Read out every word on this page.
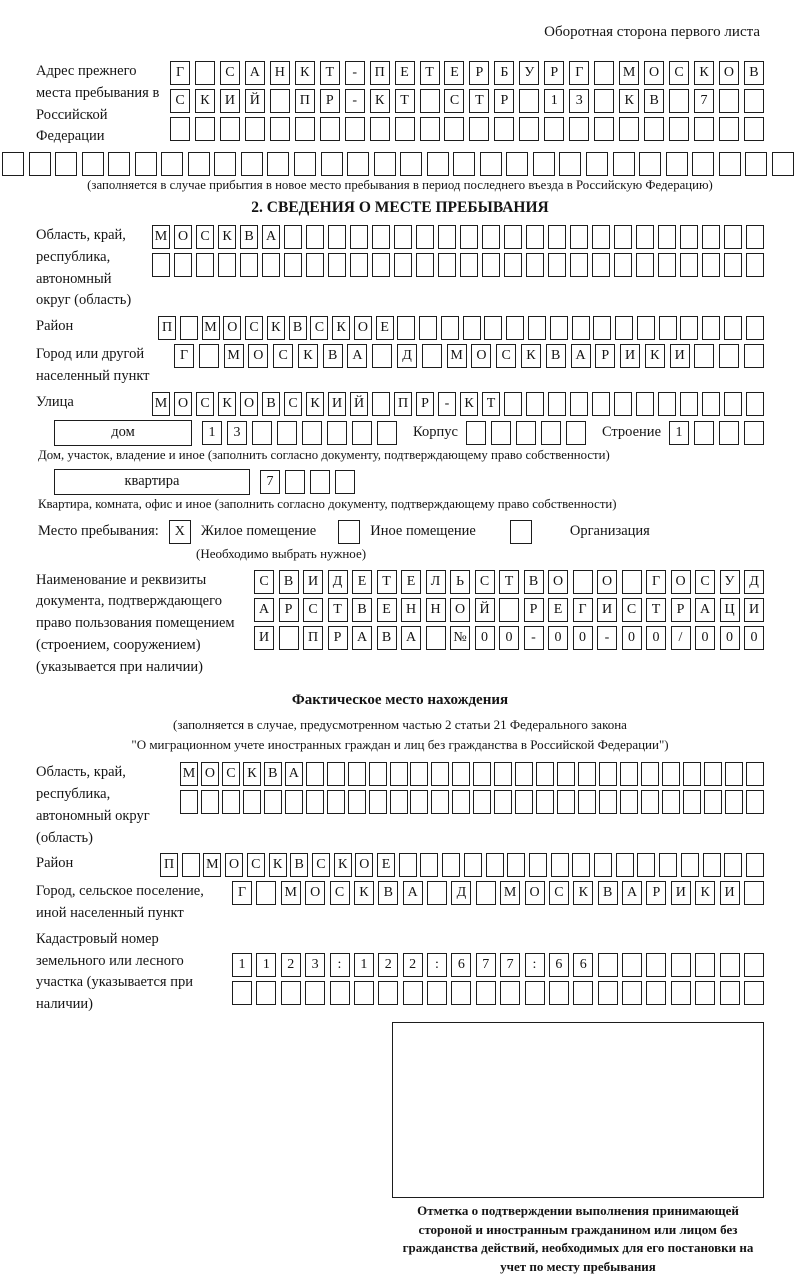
Оборотная сторона первого листа
Адрес прежнего места пребывания в Российской Федерации
Г	С	А	Н	К	Т	-	П	Е	Т	Е	Р	Б	У	Р	Г	М О	С	К	О	В
С	К	И	Й	П	Р	-	К	Т	С	Т	Р	1	3	К	В	7
(заполняется в случае прибытия в новое место пребывания в период последнего въезда в Российскую Федерацию)
2. СВЕДЕНИЯ О МЕСТЕ ПРЕБЫВАНИЯ
Область, край, республика, автономный округ (область)
М О С К В А
Район	П М О С К В С К О Е
Город или другой населенный пункт
Г	М О	С	К	В	А	Д	М О	С	К	В	А	Р	И	К	И
Улица	М О С К О В С К И Й П Р	-	К Т
дом	1	3	Корпус	Строение	1
Дом, участок, владение и иное (заполнить согласно документу, подтверждающему право собственности)
квартира	7
Квартира, комната, офис и иное (заполнить согласно документу, подтверждающему право собственности)
Место пребывания:	X	Жилое помещение	Иное помещение	Организация
(Необходимо выбрать нужное)
Наименование и реквизиты документа, подтверждающего право пользования помещением (строением, сооружением) (указывается при наличии)
С	В	И	Д	Е	Т	Е	Л	Ь	С	Т	В	О	О	Г	О	С	У	Д
А	Р	С	Т	В	Е	Н	Н	О	Й	Р	Е	Г	И	С	Т	Р	А	Ц	И
И	П	Р	А	В	А	№	0	0	-	0	0	-	0	0	/	0	0	0
Фактическое место нахождения
(заполняется в случае, предусмотренном частью 2 статьи 21 Федерального закона
"О миграционном учете иностранных граждан и лиц без гражданства в Российской Федерации")
Область, край, республика, автономный округ (область)
М О С К В А
Район	П М О С К В С К О Е
Город, сельское поселение, иной населенный пункт
Г	М О	С	К	В	А	Д	М О	С	К	В	А	Р	И	К	И
Кадастровый номер земельного или лесного участка (указывается при наличии)
1	1	2	3	:	1	2	2	:	6	7	7	:	6	6
Отметка о подтверждении выполнения принимающей стороной и иностранным гражданином или лицом без гражданства действий, необходимых для его постановки на учет по месту пребывания
